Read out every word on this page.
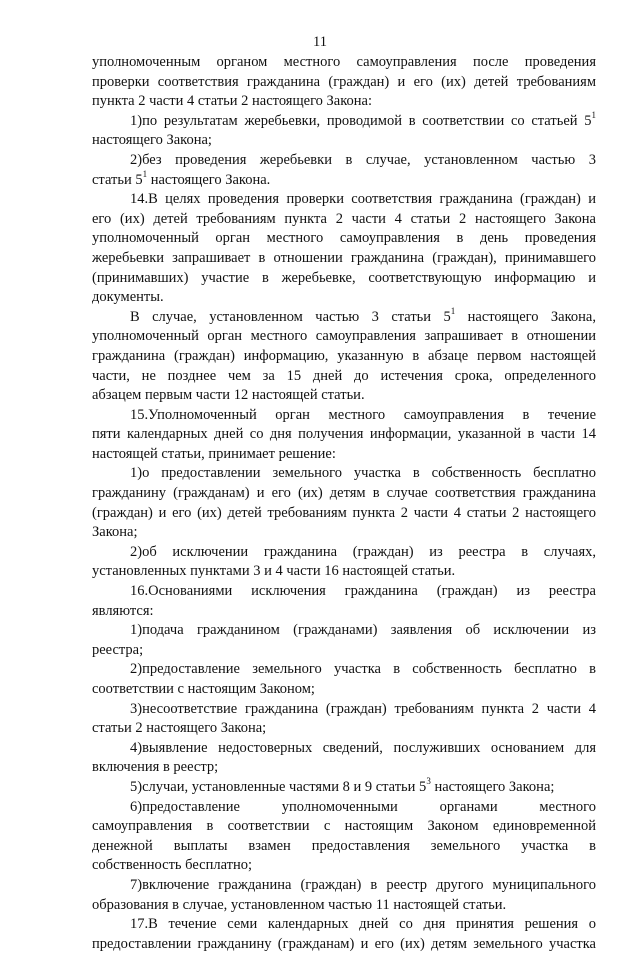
11
уполномоченным органом местного самоуправления после проведения
проверки соответствия гражданина (граждан) и его (их) детей требованиям
пункта 2 части 4 статьи 2 настоящего Закона:
1)по результатам жеребьевки, проводимой в соответствии со статьей $5^1$
настоящего Закона;
2)без проведения жеребьевки в случае, установленном частью 3
статьи $5^1$ настоящего Закона.
14.В целях проведения проверки соответствия гражданина (граждан) и
его (их) детей требованиям пункта 2 части 4 статьи 2 настоящего Закона
уполномоченный орган местного самоуправления в день проведения
жеребьевки запрашивает в отношении гражданина (граждан), принимавшего
(принимавших) участие в жеребьевке, соответствующую информацию и
документы.
В случае, установленном частью 3 статьи $5^1$ настоящего Закона,
уполномоченный орган местного самоуправления запрашивает в отношении
гражданина (граждан) информацию, указанную в абзаце первом настоящей
части, не позднее чем за 15 дней до истечения срока, определенного
абзацем первым части 12 настоящей статьи.
15.Уполномоченный орган местного самоуправления в течение
пяти календарных дней со дня получения информации, указанной в части 14
настоящей статьи, принимает решение:
1)о предоставлении земельного участка в собственность бесплатно
гражданину (гражданам) и его (их) детям в случае соответствия гражданина
(граждан) и его (их) детей требованиям пункта 2 части 4 статьи 2 настоящего
Закона;
2)об исключении гражданина (граждан) из реестра в случаях,
установленных пунктами 3 и 4 части 16 настоящей статьи.
16.Основаниями исключения гражданина (граждан) из реестра
являются:
1)подача гражданином (гражданами) заявления об исключении из
реестра;
2)предоставление земельного участка в собственность бесплатно в
соответствии с настоящим Законом;
3)несоответствие гражданина (граждан) требованиям пункта 2 части 4
статьи 2 настоящего Закона;
4)выявление недостоверных сведений, послуживших основанием для
включения в реестр;
5)случаи, установленные частями 8 и 9 статьи $5^3$ настоящего Закона;
6)предоставление уполномоченными органами местного
самоуправления в соответствии с настоящим Законом единовременной
денежной выплаты взамен предоставления земельного участка в
собственность бесплатно;
7)включение гражданина (граждан) в реестр другого муниципального
образования в случае, установленном частью 11 настоящей статьи.
17.В течение семи календарных дней со дня принятия решения о
предоставлении гражданину (гражданам) и его (их) детям земельного участка
